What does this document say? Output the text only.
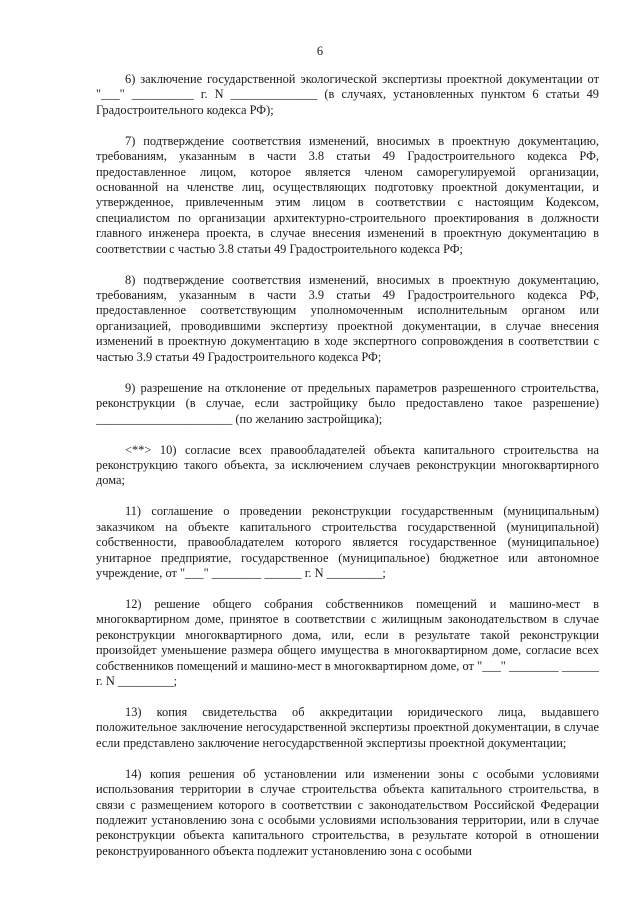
6

6) заключение государственной экологической экспертизы проектной документации от "___" __________ г. N ______________ (в случаях, установленных пунктом 6 статьи 49 Градостроительного кодекса РФ);

7) подтверждение соответствия изменений, вносимых в проектную документацию, требованиям, указанным в части 3.8 статьи 49 Градостроительного кодекса РФ, предоставленное лицом, которое является членом саморегулируемой организации, основанной на членстве лиц, осуществляющих подготовку проектной документации, и утвержденное, привлеченным этим лицом в соответствии с настоящим Кодексом, специалистом по организации архитектурно-строительного проектирования в должности главного инженера проекта, в случае внесения изменений в проектную документацию в соответствии с частью 3.8 статьи 49 Градостроительного кодекса РФ;

8) подтверждение соответствия изменений, вносимых в проектную документацию, требованиям, указанным в части 3.9 статьи 49 Градостроительного кодекса РФ, предоставленное соответствующим уполномоченным исполнительным органом или организацией, проводившими экспертизу проектной документации, в случае внесения изменений в проектную документацию в ходе экспертного сопровождения в соответствии с частью 3.9 статьи 49 Градостроительного кодекса РФ;

9) разрешение на отклонение от предельных параметров разрешенного строительства, реконструкции (в случае, если застройщику было предоставлено такое разрешение) ______________________ (по желанию застройщика);

<**> 10) согласие всех правообладателей объекта капитального строительства на реконструкцию такого объекта, за исключением случаев реконструкции многоквартирного дома;

11) соглашение о проведении реконструкции государственным (муниципальным) заказчиком на объекте капитального строительства государственной (муниципальной) собственности, правообладателем которого является государственное (муниципальное) унитарное предприятие, государственное (муниципальное) бюджетное или автономное учреждение, от "___" ________ ______ г. N _________;

12) решение общего собрания собственников помещений и машино-мест в многоквартирном доме, принятое в соответствии с жилищным законодательством в случае реконструкции многоквартирного дома, или, если в результате такой реконструкции произойдет уменьшение размера общего имущества в многоквартирном доме, согласие всех собственников помещений и машино-мест в многоквартирном доме, от "___" ________ ______ г. N _________;

13) копия свидетельства об аккредитации юридического лица, выдавшего положительное заключение негосударственной экспертизы проектной документации, в случае если представлено заключение негосударственной экспертизы проектной документации;

14) копия решения об установлении или изменении зоны с особыми условиями использования территории в случае строительства объекта капитального строительства, в связи с размещением которого в соответствии с законодательством Российской Федерации подлежит установлению зона с особыми условиями использования территории, или в случае реконструкции объекта капитального строительства, в результате которой в отношении реконструированного объекта подлежит установлению зона с особыми
